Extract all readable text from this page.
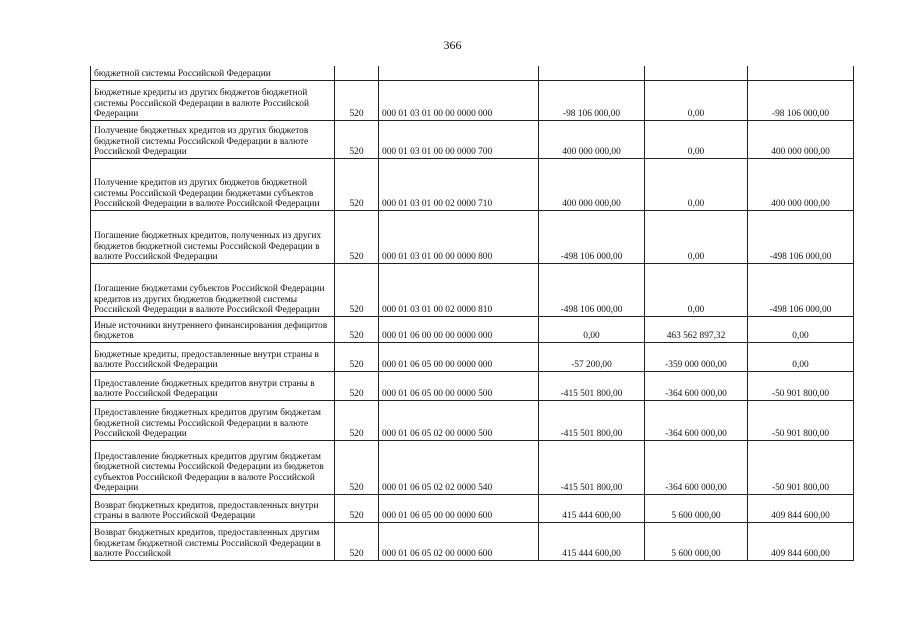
366
бюджетной системы Российской Федерации					
Бюджетные кредиты из других бюджетов бюджетной системы Российской Федерации в валюте Российской Федерации	520	000 01 03 01 00 00 0000 000	-98 106 000,00	0,00	-98 106 000,00
Получение бюджетных кредитов из других бюджетов бюджетной системы Российской Федерации в валюте Российской Федерации	520	000 01 03 01 00 00 0000 700	400 000 000,00	0,00	400 000 000,00
Получение кредитов из других бюджетов бюджетной системы Российской Федерации бюджетами субъектов Российской Федерации в валюте Российской Федерации	520	000 01 03 01 00 02 0000 710	400 000 000,00	0,00	400 000 000,00
Погашение бюджетных кредитов, полученных из других бюджетов бюджетной системы Российской Федерации в валюте Российской Федерации	520	000 01 03 01 00 00 0000 800	-498 106 000,00	0,00	-498 106 000,00
Погашение бюджетами субъектов Российской Федерации кредитов из других бюджетов бюджетной системы Российской Федерации в валюте Российской Федерации	520	000 01 03 01 00 02 0000 810	-498 106 000,00	0,00	-498 106 000,00
Иные источники внутреннего финансирования дефицитов бюджетов	520	000 01 06 00 00 00 0000 000	0,00	463 562 897,32	0,00
Бюджетные кредиты, предоставленные внутри страны в валюте Российской Федерации	520	000 01 06 05 00 00 0000 000	-57 200,00	-359 000 000,00	0,00
Предоставление бюджетных кредитов внутри страны в валюте Российской Федерации	520	000 01 06 05 00 00 0000 500	-415 501 800,00	-364 600 000,00	-50 901 800,00
Предоставление бюджетных кредитов другим бюджетам бюджетной системы Российской Федерации в валюте Российской Федерации	520	000 01 06 05 02 00 0000 500	-415 501 800,00	-364 600 000,00	-50 901 800,00
Предоставление бюджетных кредитов другим бюджетам бюджетной системы Российской Федерации из бюджетов субъектов Российской Федерации в валюте Российской Федерации	520	000 01 06 05 02 02 0000 540	-415 501 800,00	-364 600 000,00	-50 901 800,00
Возврат бюджетных кредитов, предоставленных внутри страны в валюте Российской Федерации	520	000 01 06 05 00 00 0000 600	415 444 600,00	5 600 000,00	409 844 600,00
Возврат бюджетных кредитов, предоставленных другим бюджетам бюджетной системы Российской Федерации в валюте Российской	520	000 01 06 05 02 00 0000 600	415 444 600,00	5 600 000,00	409 844 600,00
